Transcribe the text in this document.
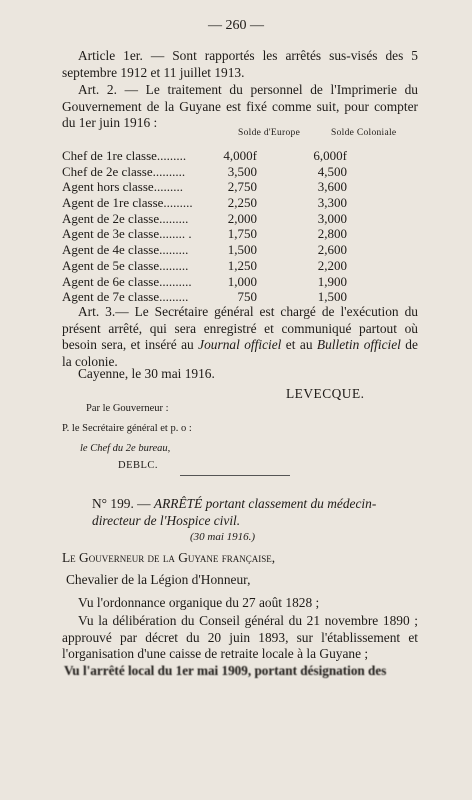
— 260 —
Article 1er. — Sont rapportés les arrêtés sus-visés des 5 septembre 1912 et 11 juillet 1913.
Art. 2. — Le traitement du personnel de l'Imprimerie du Gouvernement de la Guyane est fixé comme suit, pour compter du 1er juin 1916 :
Solde d'Europe	Solde Coloniale
Chef de 1re classe.........	4,000f	6,000f
Chef de 2e classe..........	3,500	4,500
Agent hors classe.........	2,750	3,600
Agent de 1re classe.........	2,250	3,300
Agent de 2e classe.........	2,000	3,000
Agent de 3e classe........ .	1,750	2,800
Agent de 4e classe.........	1,500	2,600
Agent de 5e classe.........	1,250	2,200
Agent de 6e classe..........	1,000	1,900
Agent de 7e classe.........	750	1,500
Art. 3.— Le Secrétaire général est chargé de l'exécution du présent arrêté, qui sera enregistré et communiqué partout où besoin sera, et inséré au Journal officiel et au Bulletin officiel de la colonie.
Cayenne, le 30 mai 1916.
LEVECQUE.
Par le Gouverneur :
P. le Secrétaire général et p. o :
le Chef du 2e bureau,
DEBLC.
N° 199. — ARRÊTÉ portant classement du médecin-directeur de l'Hospice civil.
(30 mai 1916.)
Le Gouverneur de la Guyane française,
Chevalier de la Légion d'Honneur,
Vu l'ordonnance organique du 27 août 1828 ;
Vu la délibération du Conseil général du 21 novembre 1890 ; approuvé par décret du 20 juin 1893, sur l'établissement et l'organisation d'une caisse de retraite locale à la Guyane ;
Vu l'arrêté local du 1er mai 1909, portant désignation des
